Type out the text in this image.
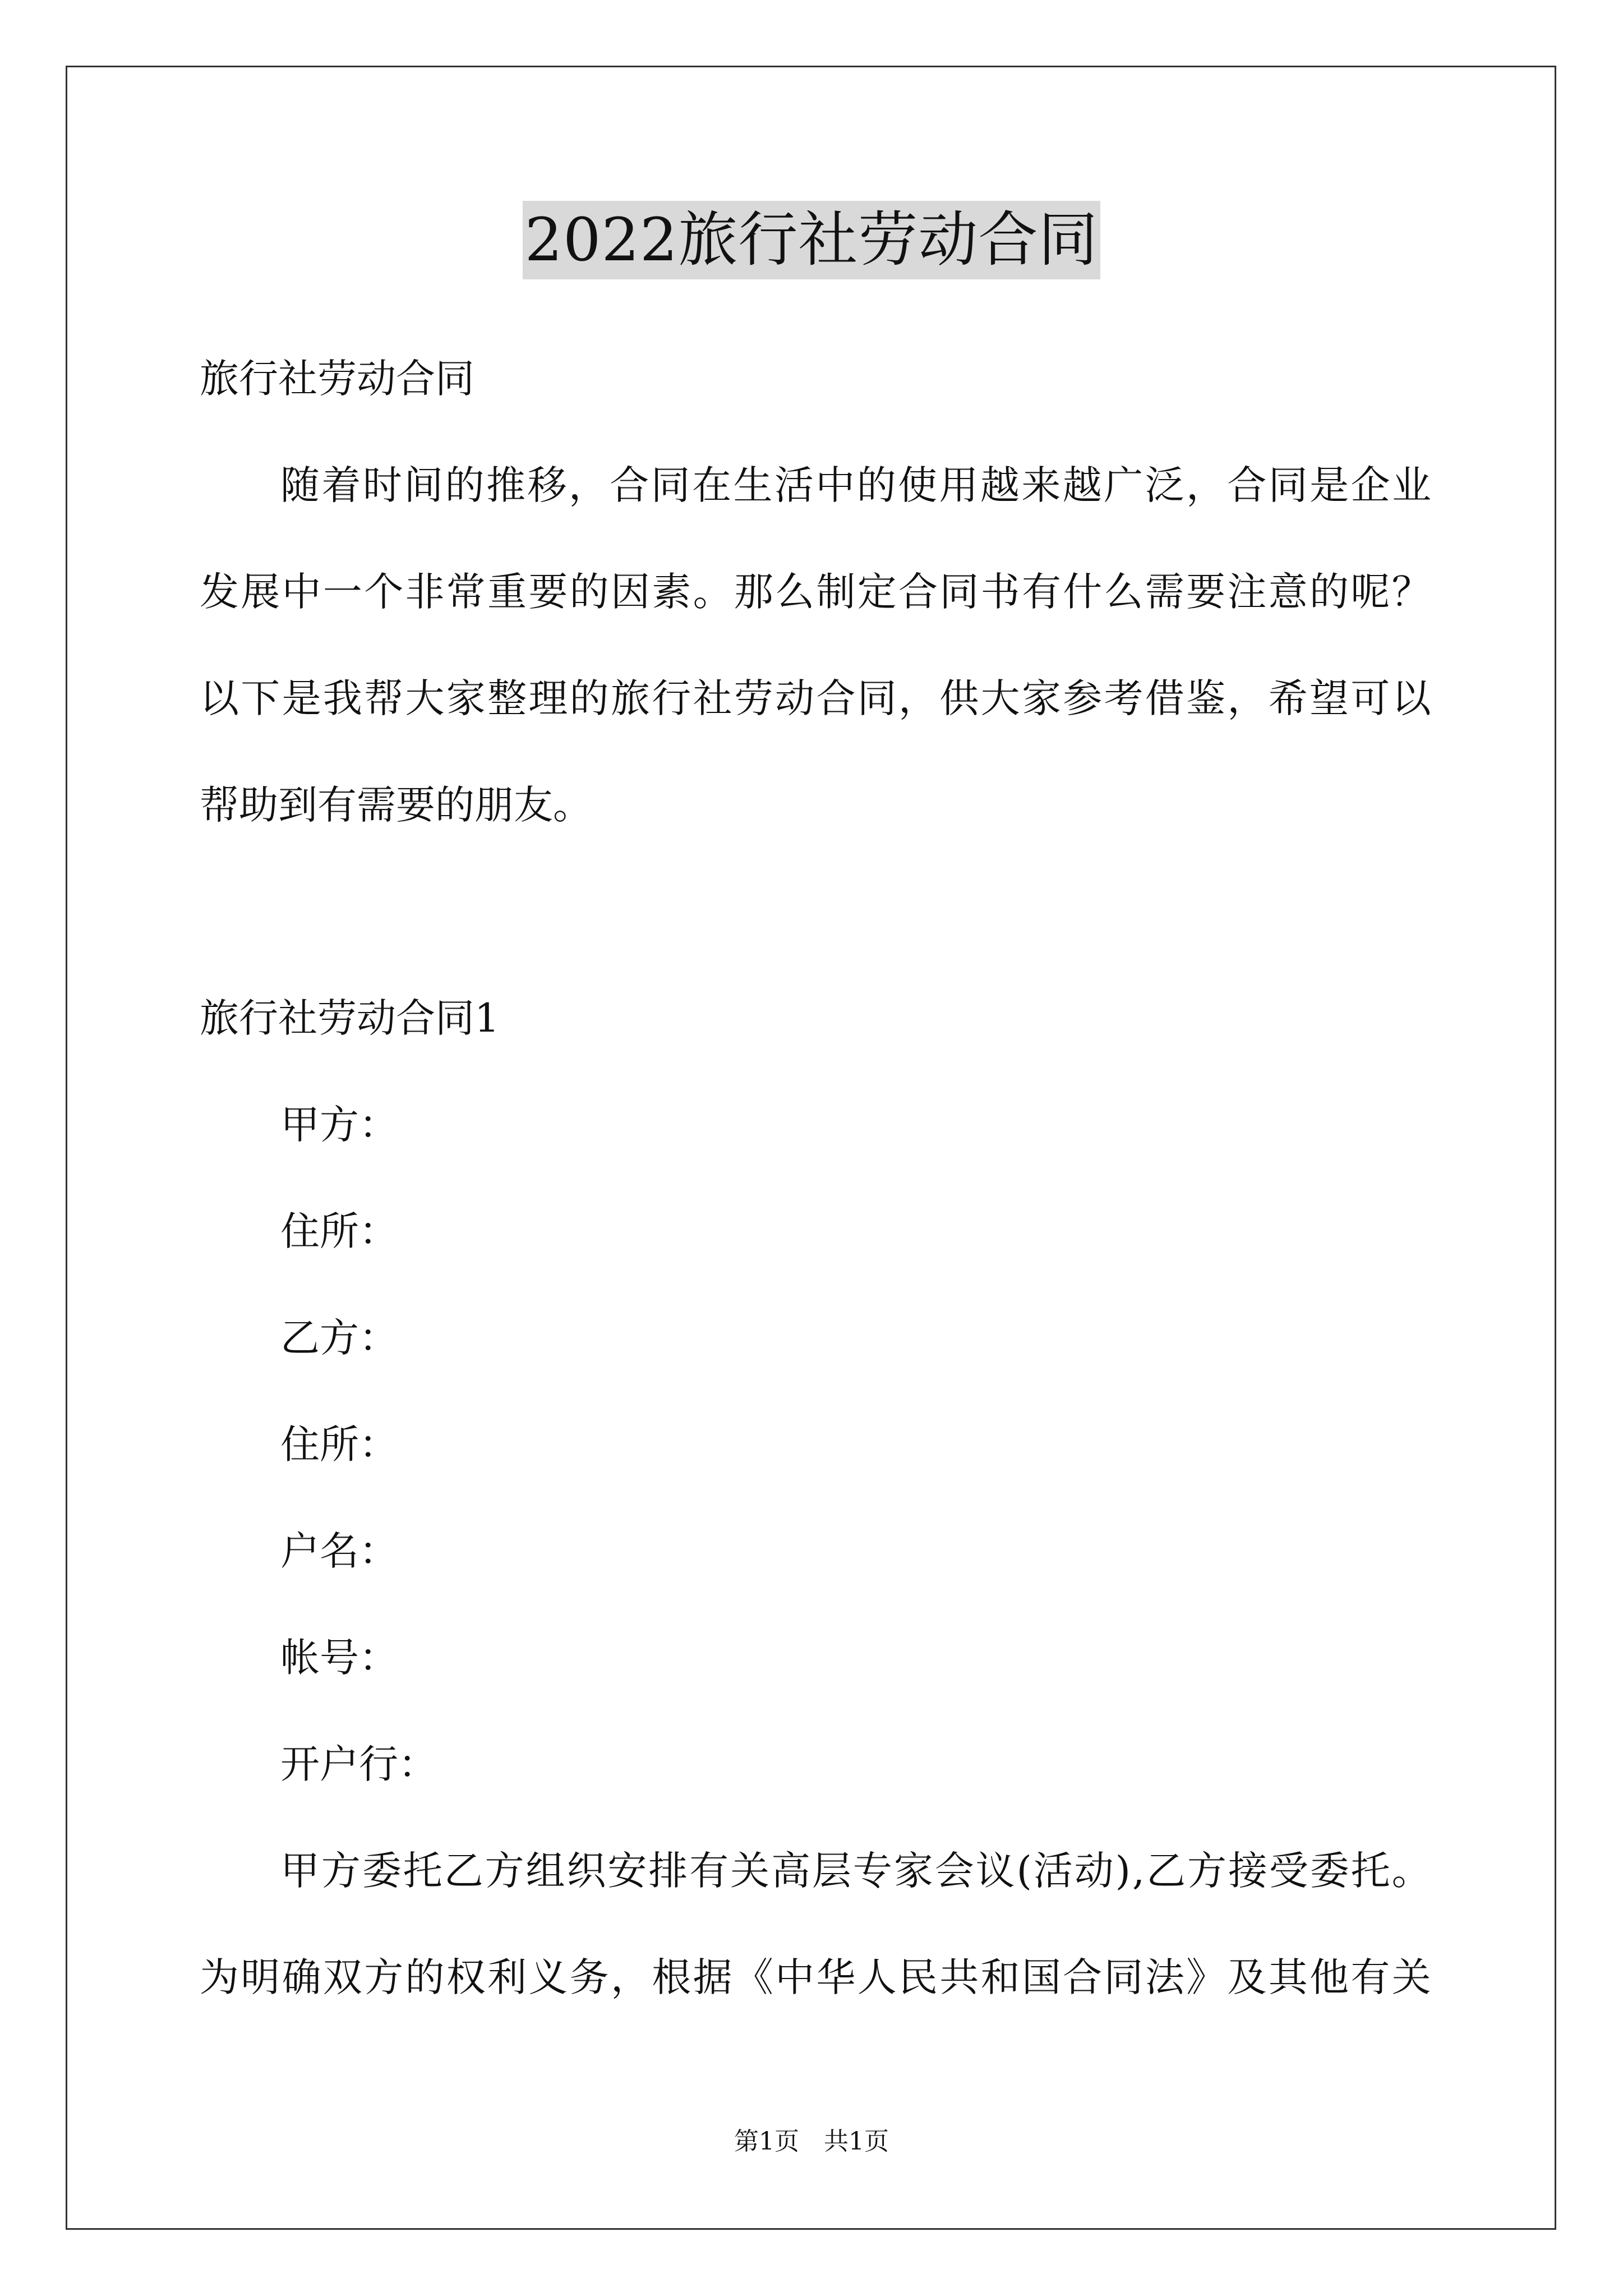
2022旅行社劳动合同
旅行社劳动合同
随 着 时 间 的 推 移 ， 合 同 在 生 活 中 的 使 用 越 来 越 广 泛 ， 合 同 是 企 业
发 展 中 一 个 非 常 重 要 的 因 素 。 那 么 制 定 合 同 书 有 什 么 需 要 注 意 的 呢 ？
以 下 是 我 帮 大 家 整 理 的 旅 行 社 劳 动 合 同 ， 供 大 家 参 考 借 鉴 ， 希 望 可 以
帮助到有需要的朋友。
旅行社劳动合同1
甲方：
住所：
乙方：
住所：
户名：
帐号：
开户行：
甲 方 委 托 乙 方 组 织 安 排 有 关 高 层 专 家 会 议 ( 活 动 ) , 乙 方 接 受 委 托 。
为 明 确 双 方 的 权 利 义 务 ， 根 据 《 中 华 人 民 共 和 国 合 同 法 》 及 其 他 有 关
第1页　共1页
